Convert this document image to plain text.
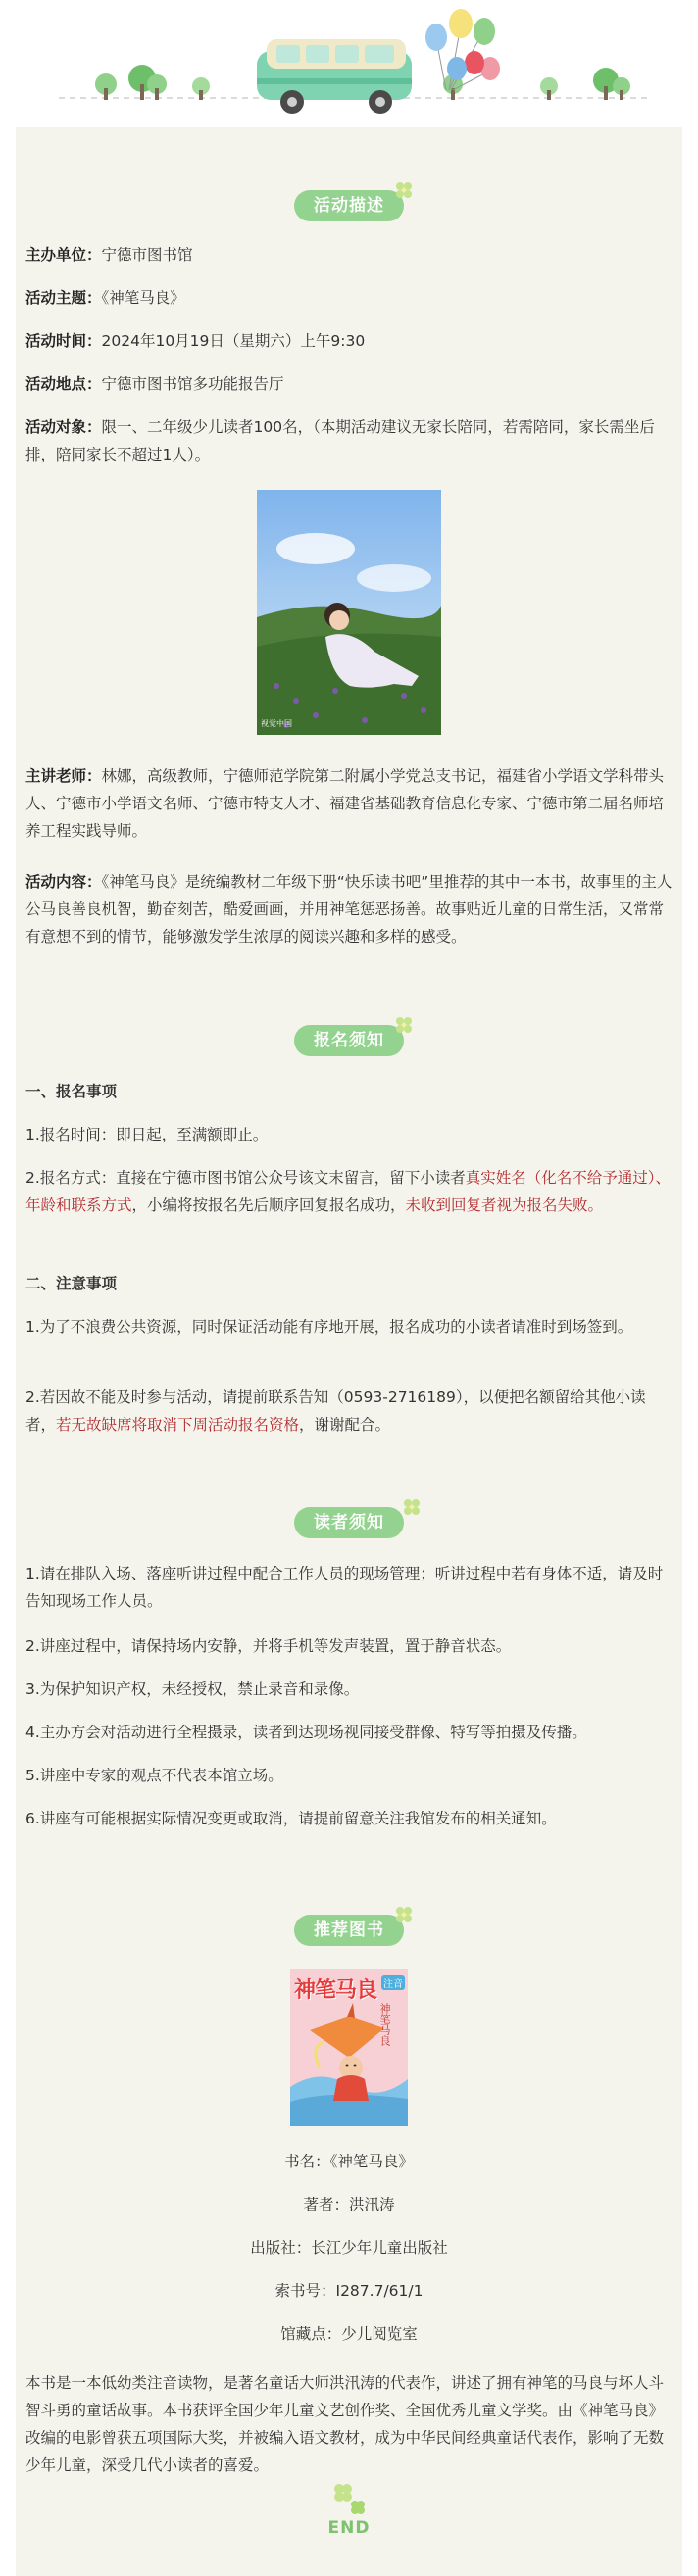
活动描述

主办单位：宁德市图书馆

活动主题：《神笔马良》

活动时间：2024年10月19日（星期六）上午9:30

活动地点：宁德市图书馆多功能报告厅

活动对象：限一、二年级少儿读者100名，（本期活动建议无家长陪同，若需陪同，家长需坐后排，陪同家长不超过1人）。

视觉中国

主讲老师：林娜，高级教师，宁德师范学院第二附属小学党总支书记，福建省小学语文学科带头人、宁德市小学语文名师、宁德市特支人才、福建省基础教育信息化专家、宁德市第二届名师培养工程实践导师。

活动内容：《神笔马良》是统编教材二年级下册“快乐读书吧”里推荐的其中一本书，故事里的主人公马良善良机智，勤奋刻苦，酷爱画画，并用神笔惩恶扬善。故事贴近儿童的日常生活，又常常有意想不到的情节，能够激发学生浓厚的阅读兴趣和多样的感受。

报名须知

一、报名事项

1.报名时间：即日起，至满额即止。

2.报名方式：直接在宁德市图书馆公众号该文末留言，留下小读者真实姓名（化名不给予通过）、年龄和联系方式，小编将按报名先后顺序回复报名成功，未收到回复者视为报名失败。

二、注意事项

1.为了不浪费公共资源，同时保证活动能有序地开展，报名成功的小读者请准时到场签到。

2.若因故不能及时参与活动，请提前联系告知（0593-2716189），以便把名额留给其他小读者，若无故缺席将取消下周活动报名资格，谢谢配合。

读者须知

1.请在排队入场、落座听讲过程中配合工作人员的现场管理；听讲过程中若有身体不适，请及时告知现场工作人员。

2.讲座过程中，请保持场内安静，并将手机等发声装置，置于静音状态。

3.为保护知识产权，未经授权，禁止录音和录像。

4.主办方会对活动进行全程摄录，读者到达现场视同接受群像、特写等拍摄及传播。

5.讲座中专家的观点不代表本馆立场。

6.讲座有可能根据实际情况变更或取消，请提前留意关注我馆发布的相关通知。

推荐图书
神笔马良 注音
神笔马良

书名：《神笔马良》

著者：洪汛涛

出版社：长江少年儿童出版社

索书号：I287.7/61/1

馆藏点：少儿阅览室

本书是一本低幼类注音读物，是著名童话大师洪汛涛的代表作，讲述了拥有神笔的马良与坏人斗智斗勇的童话故事。本书获评全国少年儿童文艺创作奖、全国优秀儿童文学奖。由《神笔马良》改编的电影曾获五项国际大奖，并被编入语文教材，成为中华民间经典童话代表作，影响了无数少年儿童，深受几代小读者的喜爱。

END
